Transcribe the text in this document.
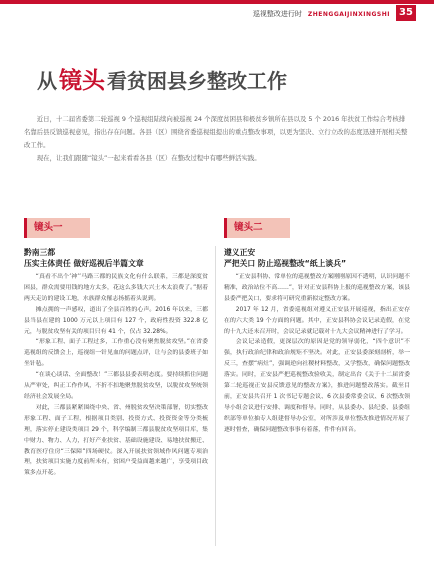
巡视整改进行时 ZHENGGAIJINXINGSHI 35
从 镜头 看贫困县乡整改工作

近日，十二届省委第二轮巡视 9 个巡视组陆续向被巡视 24 个深度贫困县和极贫乡镇所在县以及 5 个 2016 年扶贫工作综合考核排名靠后县反馈巡视意见，指出存在问题。各县（区）围绕省委巡视组提出的重点整改事项，以更为坚决、立行立改的态度迅速开展相关整改工作。

现在，让我们跟随“镜头”一起来看看各县（区）在整改过程中有哪些鲜活实践。

镜头一	镜头二
黔南三都
压实主体责任 做好巡视后半篇文章
遵义正安
严把关口 防止巡视整改“纸上谈兵”

“真看不出个’神’’马路三都的民族文化有什么联系，三都是深度贫困县，群众需要用钱的地方太多，花这么多钱大兴土木太浪费了。”据着两天走访的建设工地，水族群众罹志扬摇着头说到。

摊点拥的一声感叹，道出了全县百姓的心声。2016 年以来，三都县当县在建的 1000 万元以上项目有 127 个，政府性投资 322.8 亿元，与脱贫攻坚有关的项目只有 41 个，仅占 32.28%。

“形象工程、面子工程过多，工作重心没有聚焦脱贫攻坚。”在省委巡视组的反馈会上，巡视组一针见血的问题点评，让与会的县委班子如坐针毡。

“在谈心谈话、全面整改！”三都县县委表明态度。要持续抓住问题从严审处，纠正工作作风，不折不扣地聚焦脱贫攻坚，以脱贫攻坚统领经济社会发展全局。

对此，三都县紧紧围绕中央、省、州脱贫攻坚决策部署，切实整改形象工程、面子工程，根据项目类别、投资方式、投资资金等分类梳理，落实停止建设类项目 29 个，科学编制三都县脱贫攻坚项目库，集中财力、物力、人力，打好产业扶贫、基础设施建设、易地扶贫搬迁、教育医疗住房“三保障”四场硬仗。深入开展扶贫领域作风问题专项治理，扶贫项目实施力度前所未有，贫困户受益面越来越广，享受项目政策多点开花。

“正安县科协、常单位的巡视整改方案刚刚原因不透明，认识问题不精准，政治站位不高……”，针对正安县科协上报的巡视整改方案，该县县委严把关口，要求将可研究重新拟定整改方案。

2017 年 12 月，省委巡视组对遵义正安县开展巡视，指出正安存在的六大类 19 个方面的问题。其中，正安县科协会议记录造假，在党的十九大还未召开时，会议记录就记载对十九大会议精神进行了学习。

会议记录造假，更深层次的原因是党的领导弱化，“四个意识”不强，执行政治纪律和政治规矩不坚决。对此，正安县委深刻剖析，举一反三，查摆“病灶”，强调逆向社稷材料整改，又学整改，确保问题整改落实。同时，正安县严把巡视整改验收关，制定出台《关于十二届省委第二轮巡视正安县反馈意见的整改方案》，推进问题整改落实。截至目前，正安县共召开 1 次书记专题会议、6 次县委常委会议、6 次整改领导小组会议进行安排、调度和督导。同时，从县委办、县纪委、县委组织部等单位抽专人组建督导办公室，对所涉及单位整改推进情况开展了逐时督查，确保问题整改事事有着落，件件有回音。
